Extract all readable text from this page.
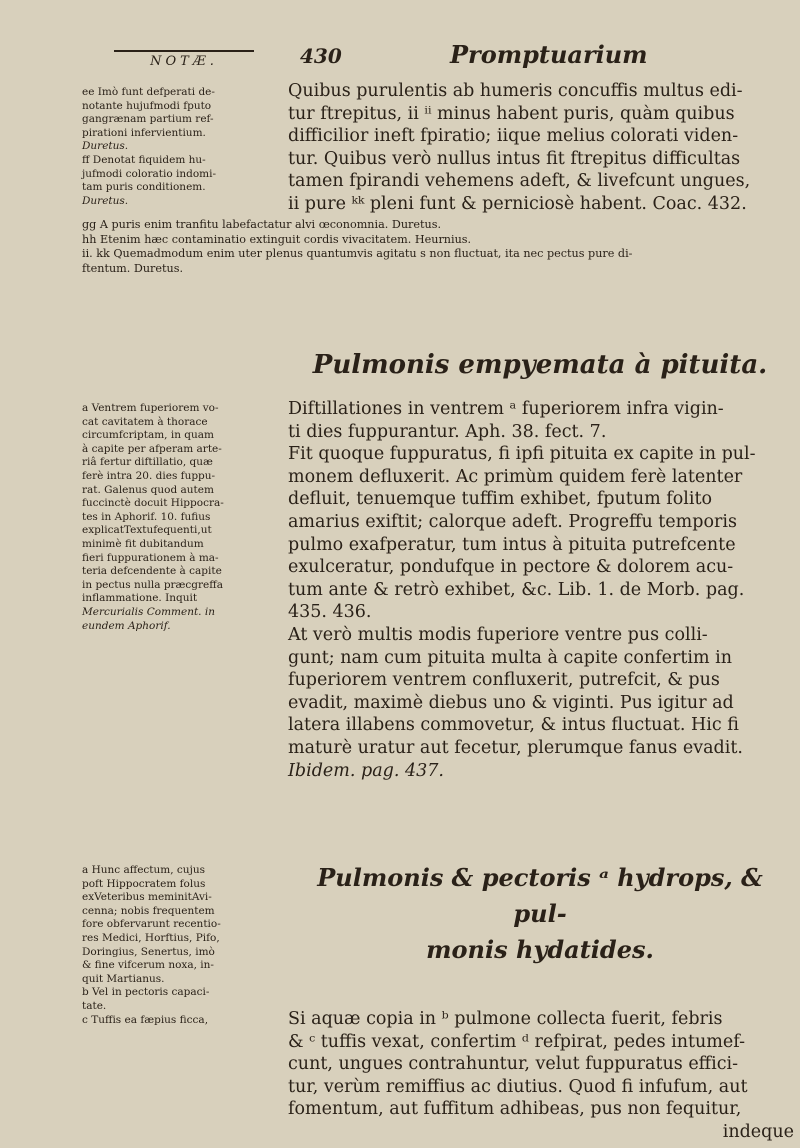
NOTÆ.	430	Promptuarium

ee Imò funt defperati de-

notante hujufmodi fputo

gangrænam partium ref-

pirationi infervientium.

Duretus.

ff Denotat fiquidem hu-

jufmodi coloratio indomi-

tam puris conditionem.

Duretus.

Quibus purulentis ab humeris concuffis multus edi-

tur ftrepitus, ii ⁱⁱ minus habent puris, quàm quibus

difficilior ineft fpiratio; iique melius colorati viden-

tur. Quibus verò nullus intus fit ftrepitus difficultas

tamen fpirandi vehemens adeft, & livefcunt ungues,

ii pure ᵏᵏ pleni funt & perniciosè habent. Coac. 432.

gg A puris enim tranfitu labefactatur alvi œconomnia. Duretus.

hh Etenim hæc contaminatio extinguit cordis vivacitatem. Heurnius.

ii. kk Quemadmodum enim uter plenus quantumvis agitatu s non fluctuat, ita nec pectus pure di-

ftentum. Duretus.

Pulmonis empyemata à pituita.

a Ventrem fuperiorem vo-

cat cavitatem à thorace

circumfcriptam, in quam

à capite per afperam arte-

riâ fertur diftillatio, quæ

ferè intra 20. dies fuppu-

rat. Galenus quod autem

fuccinctè docuit Hippocra-

tes in Aphorif. 10. fufius

explicatTextufequenti,ut

minimè fit dubitandum

fieri fuppurationem à ma-

teria defcendente à capite

in pectus nulla præcgreffa

inflammatione. Inquit

Mercurialis Comment. in

eundem Aphorif.

Diftillationes in ventrem ᵃ fuperiorem infra vigin-

ti dies fuppurantur. Aph. 38. fect. 7.

Fit quoque fuppuratus, fi ipfi pituita ex capite in pul-

monem defluxerit. Ac primùm quidem ferè latenter

defluit, tenuemque tuffim exhibet, fputum folito

amarius exiftit; calorque adeft. Progreffu temporis

pulmo exafperatur, tum intus à pituita putrefcente

exulceratur, pondufque in pectore & dolorem acu-

tum ante & retrò exhibet, &c. Lib. 1. de Morb. pag.

435. 436.

At verò multis modis fuperiore ventre pus colli-

gunt; nam cum pituita multa à capite confertim in

fuperiorem ventrem confluxerit, putrefcit, & pus

evadit, maximè diebus uno & viginti. Pus igitur ad

latera illabens commovetur, & intus fluctuat. Hic fi

maturè uratur aut fecetur, plerumque fanus evadit.

Ibidem. pag. 437.

Pulmonis & pectoris ᵃ hydrops, & pul-
monis hydatides.

a Hunc affectum, cujus

poft Hippocratem folus

exVeteribus meminitAvi-

cenna; nobis frequentem

fore obfervarunt recentio-

res Medici, Horftius, Pifo,

Doringius, Senertus, imò

& fine vifcerum noxa, in-

quit Martianus.

b Vel in pectoris capaci-

tate.

c Tuffis ea fæpius ficca,	Si aquæ copia in ᵇ pulmone collecta fuerit, febris

& ᶜ tuffis vexat, confertim ᵈ refpirat, pedes intumef-

cunt, ungues contrahuntur, velut fuppuratus effici-

tur, verùm remiffius ac diutius. Quod fi infufum, aut

fomentum, aut fuffitum adhibeas, pus non fequitur,

indeque
